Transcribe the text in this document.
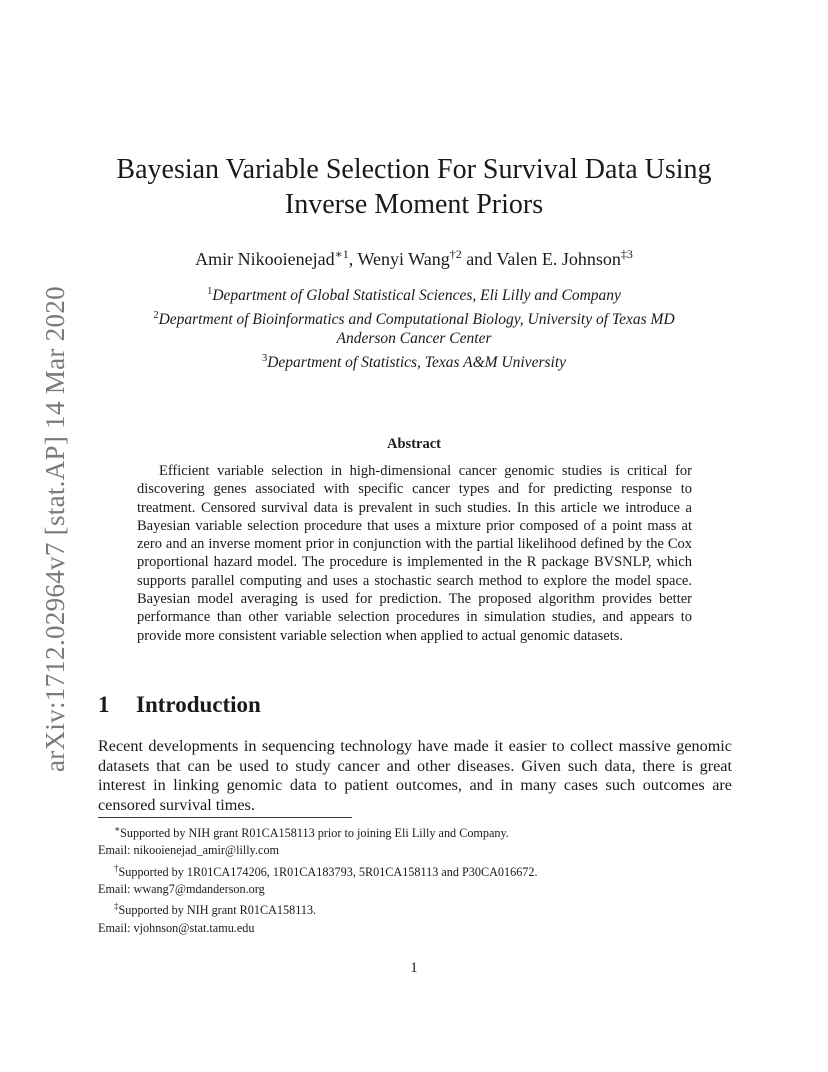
arXiv:1712.02964v7 [stat.AP] 14 Mar 2020
Bayesian Variable Selection For Survival Data Using
Inverse Moment Priors
Amir Nikooienejad$^{∗1}$, Wenyi Wang$^{\dagger 2}$ and Valen E. Johnson$^{\ddagger 3}$
$^1$Department of Global Statistical Sciences, Eli Lilly and Company
$^2$Department of Bioinformatics and Computational Biology, University of Texas MD
Anderson Cancer Center
$^3$Department of Statistics, Texas A&M University
Abstract

Efficient variable selection in high-dimensional cancer genomic studies is critical for discovering genes associated with specific cancer types and for predicting response to treatment. Censored survival data is prevalent in such studies. In this article we introduce a Bayesian variable selection procedure that uses a mixture prior composed of a point mass at zero and an inverse moment prior in conjunction with the partial likelihood defined by the Cox proportional hazard model. The procedure is implemented in the R package BVSNLP, which supports parallel computing and uses a stochastic search method to explore the model space. Bayesian model averaging is used for prediction. The proposed algorithm provides better performance than other variable selection procedures in simulation studies, and appears to provide more consistent variable selection when applied to actual genomic datasets.

1 Introduction

Recent developments in sequencing technology have made it easier to collect massive genomic datasets that can be used to study cancer and other diseases. Given such data, there is great interest in linking genomic data to patient outcomes, and in many cases such outcomes are censored survival times.

∗Supported by NIH grant R01CA158113 prior to joining Eli Lilly and Company.
Email: nikooienejad_amir@lilly.com
†Supported by 1R01CA174206, 1R01CA183793, 5R01CA158113 and P30CA016672.
Email: wwang7@mdanderson.org
‡Supported by NIH grant R01CA158113.
Email: vjohnson@stat.tamu.edu
1
